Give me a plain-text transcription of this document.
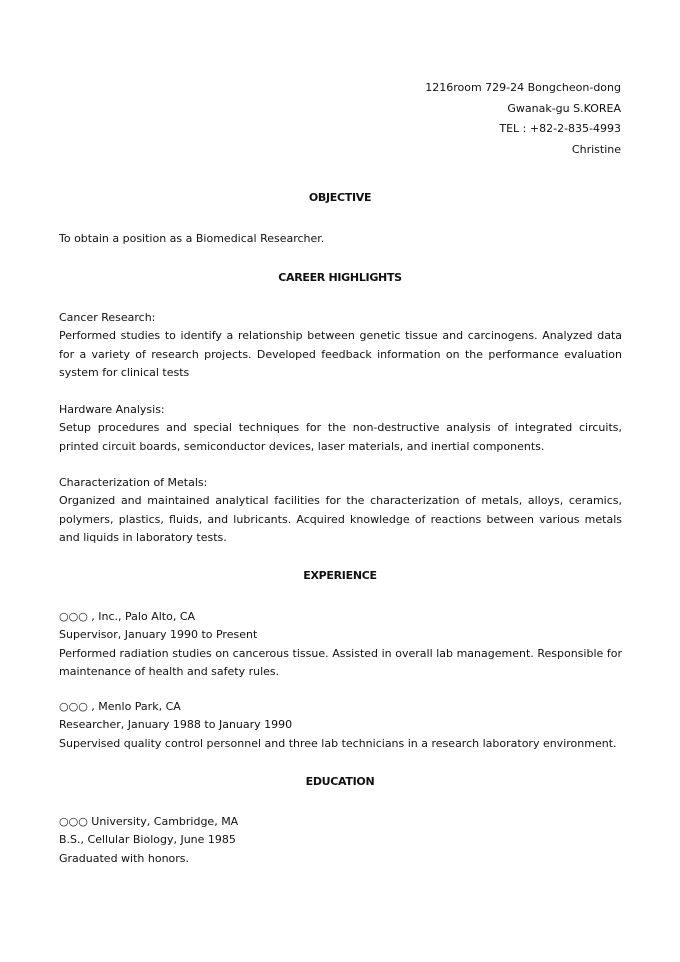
1216room 729-24 Bongcheon-dong
Gwanak-gu S.KOREA
TEL : +82-2-835-4993
Christine
OBJECTIVE
To obtain a position as a Biomedical Researcher.
CAREER HIGHLIGHTS
Cancer Research:
Performed studies to identify a relationship between genetic tissue and carcinogens. Analyzed data for a variety of research projects. Developed feedback information on the performance evaluation system for clinical tests
Hardware Analysis:
Setup procedures and special techniques for the non-destructive analysis of integrated circuits, printed circuit boards, semiconductor devices, laser materials, and inertial components.
Characterization of Metals:
Organized and maintained analytical facilities for the characterization of metals, alloys, ceramics, polymers, plastics, fluids, and lubricants. Acquired knowledge of reactions between various metals and liquids in laboratory tests.
EXPERIENCE
○○○ , Inc., Palo Alto, CA
Supervisor, January 1990 to Present
Performed radiation studies on cancerous tissue. Assisted in overall lab management. Responsible for maintenance of health and safety rules.
○○○ , Menlo Park, CA
Researcher, January 1988 to January 1990
Supervised quality control personnel and three lab technicians in a research laboratory environment.
EDUCATION
○○○ University, Cambridge, MA
B.S., Cellular Biology, June 1985
Graduated with honors.
